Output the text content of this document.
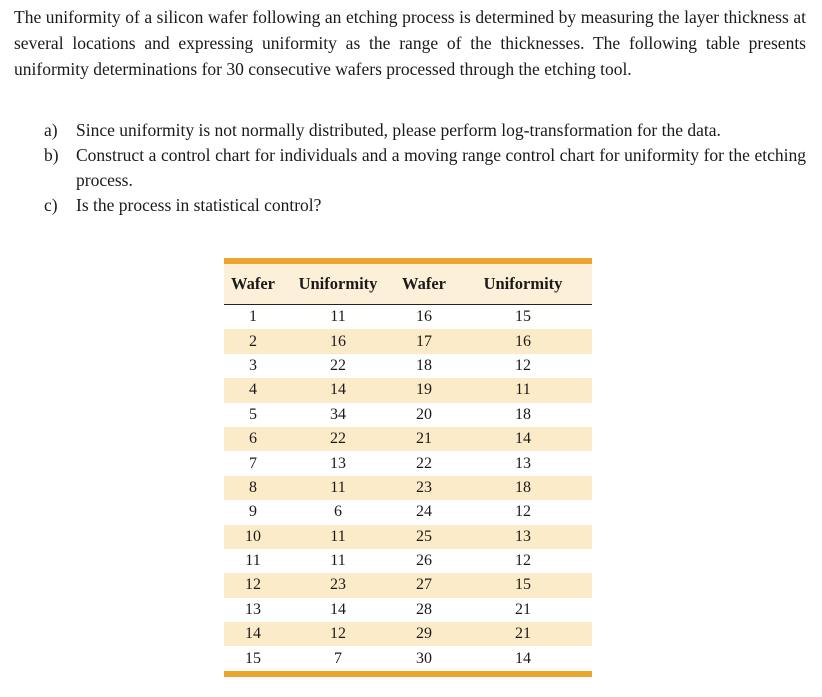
The uniformity of a silicon wafer following an etching process is determined by measuring the layer thickness at several locations and expressing uniformity as the range of the thicknesses. The following table presents uniformity determinations for 30 consecutive wafers processed through the etching tool.
a)	Since uniformity is not normally distributed, please perform log-transformation for the data.
b) Construct a control chart for individuals and a moving range control chart for uniformity for the etching process.
c)	Is the process in statistical control?

Wafer	Uniformity	Wafer	Uniformity
1	11	16	15
2	16	17	16
3	22	18	12
4	14	19	11
5	34	20	18
6	22	21	14
7	13	22	13
8	11	23	18
9	6	24	12
10	11	25	13
11	11	26	12
12	23	27	15
13	14	28	21
14	12	29	21
15	7	30	14
